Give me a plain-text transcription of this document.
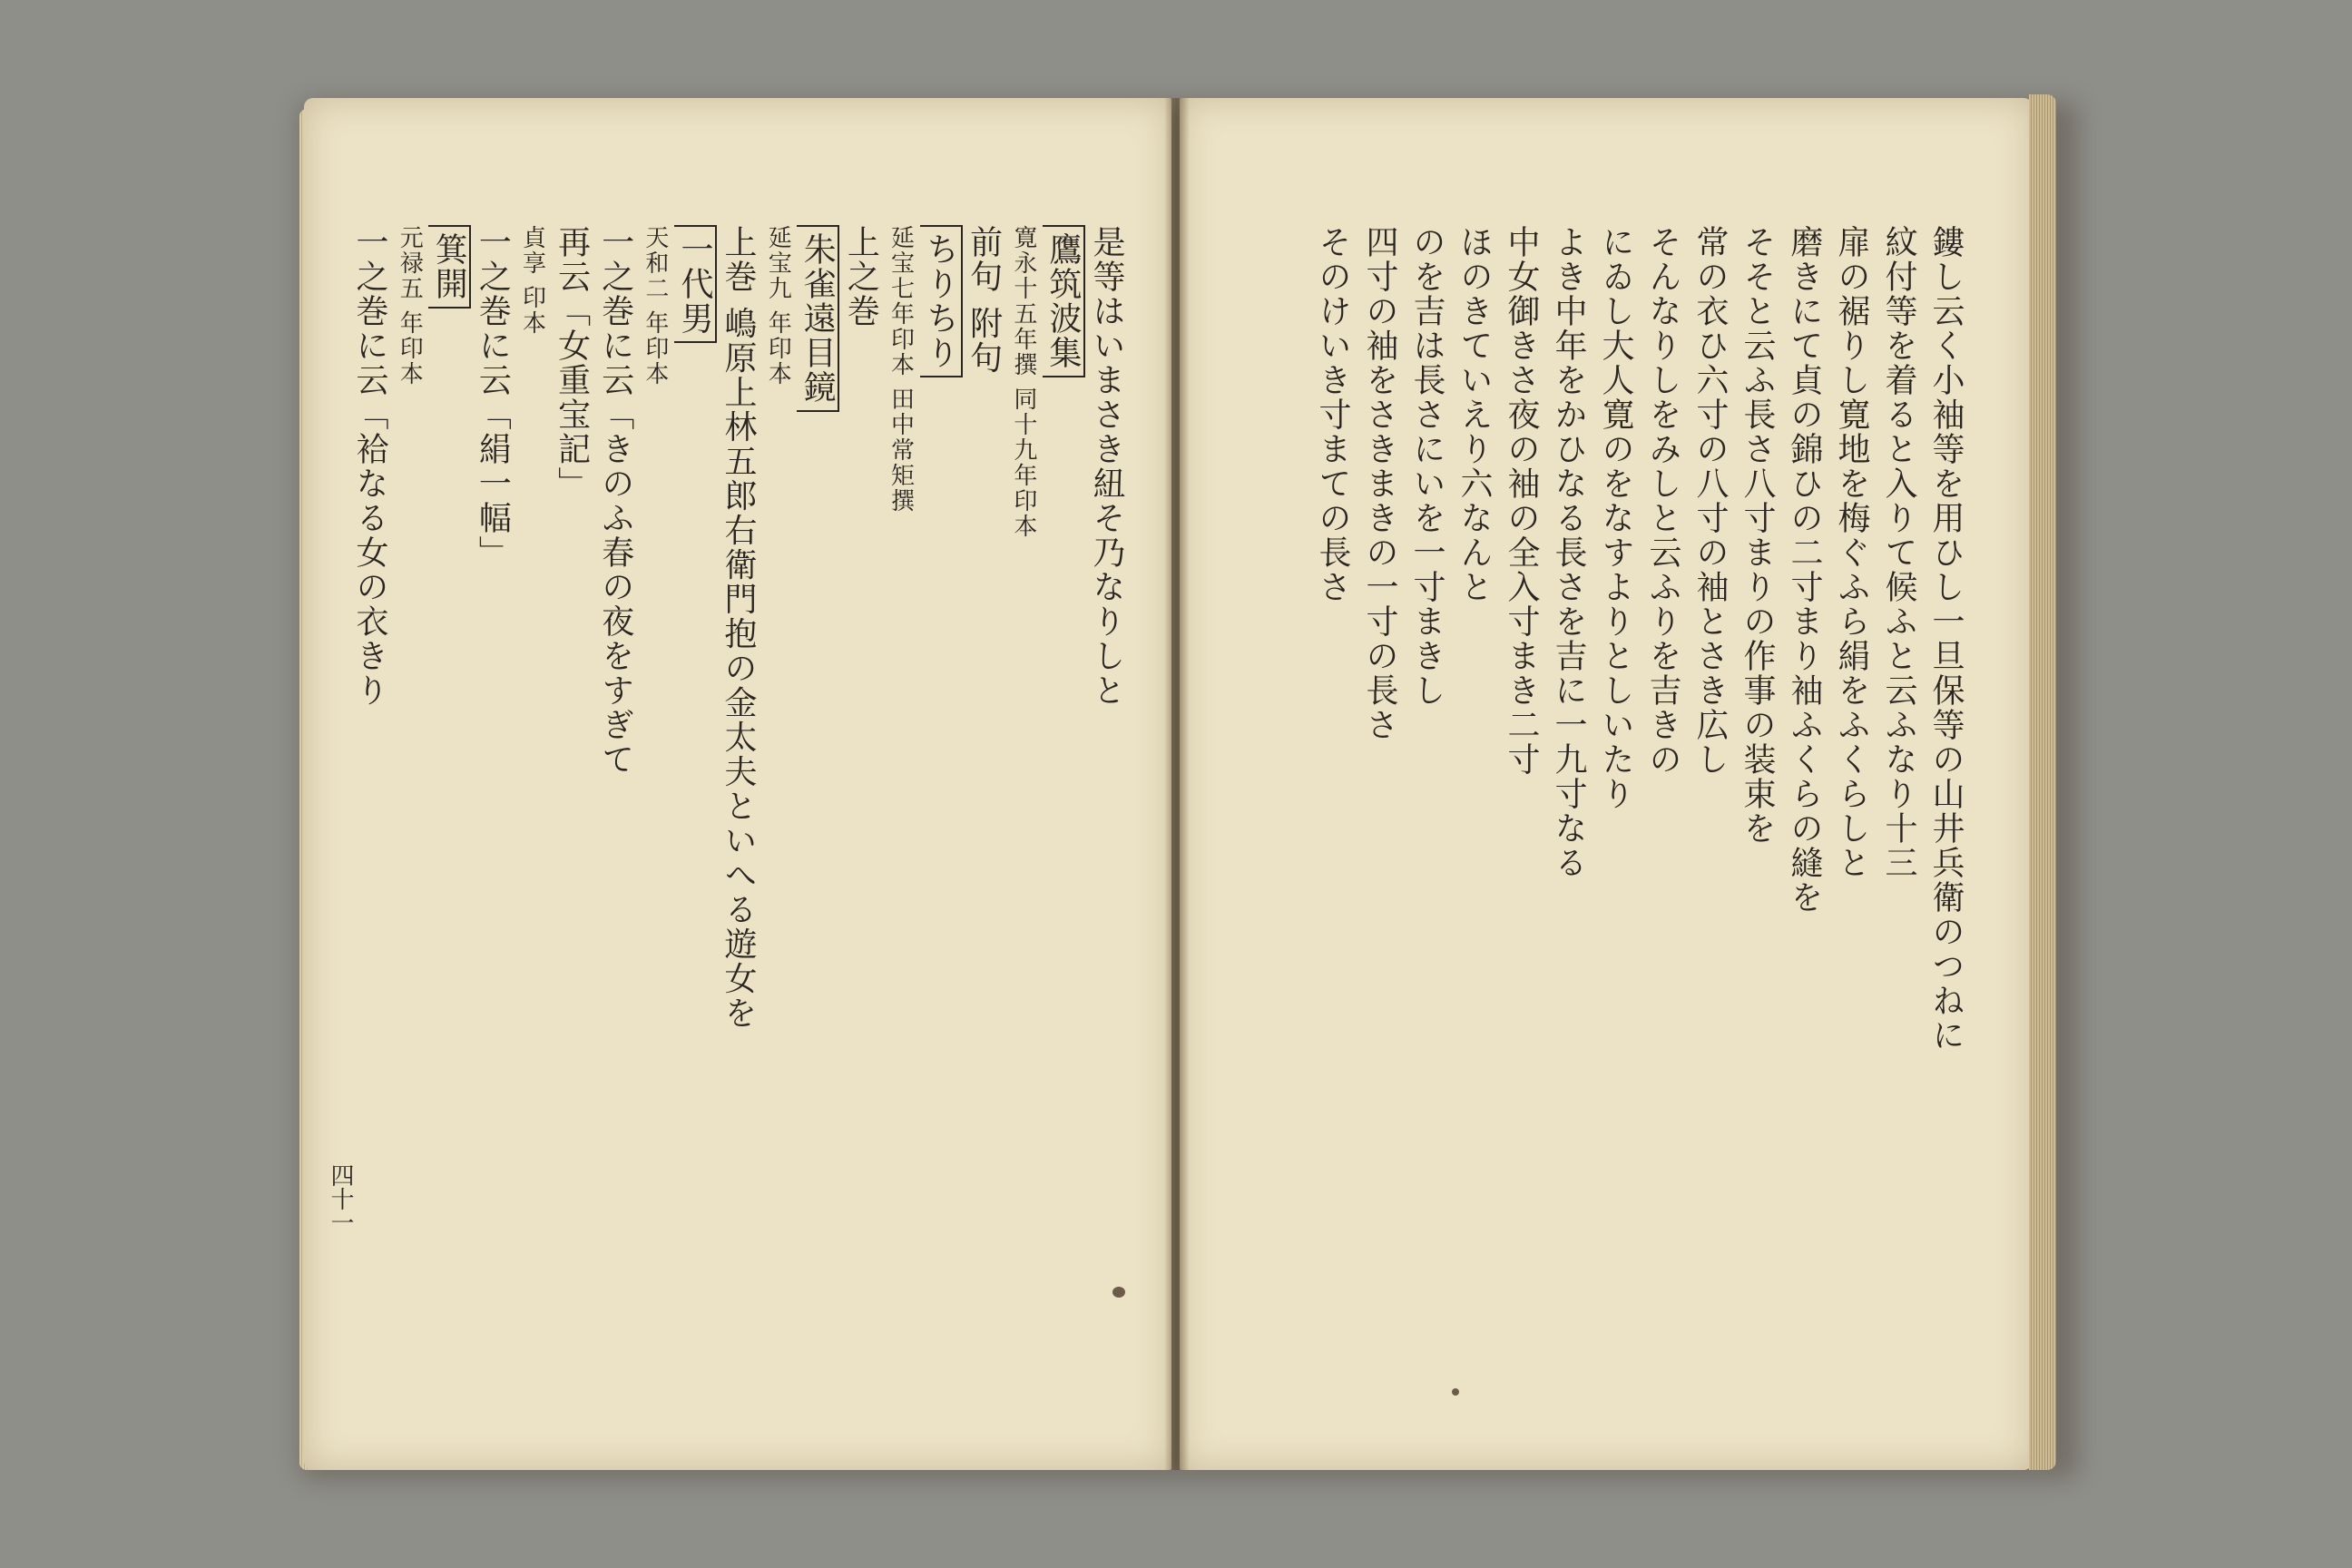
鏤し云く小袖等を用ひし一旦保等の山井兵衛のつねに
紋付等を着ると入りて候ふと云ふなり十三
扉の裾りし寛地を梅ぐふら絹をふくらしと
磨きにて貞の錦ひの二寸まり袖ふくらの縫を
そそと云ふ長さ八寸まりの作事の装束を
常の衣ひ六寸の八寸の袖とさき広し
そんなりしをみしと云ふりを吉きの
にゐし大人寛のをなすよりとしいたり
よき中年をかひなる長さを吉に一九寸なる
中女御きさ夜の袖の全入寸まき二寸
ほのきていえり六なんと
のを吉は長さにいを一寸まきし
四寸の袖をさきまきの一寸の長さ
そのけいき寸まての長さ
是等はいまさき紐そ乃なりしと
鷹筑波集
寛永十五年撰 同十九年印本
前句 附句
ちりちり
延宝七年印本 田中常矩撰
上之巻
朱雀遠目鏡
延宝九 年印本
上巻 嶋原上林五郎右衛門抱の金太夫といへる遊女を
一代男
天和二 年印本
一之巻に云「きのふ春の夜をすぎて
再云「女重宝記」
貞享 印本
一之巻に云「絹一幅」
箕開
元禄五 年印本
一之巻に云「袷なる女の衣きり
四十一
